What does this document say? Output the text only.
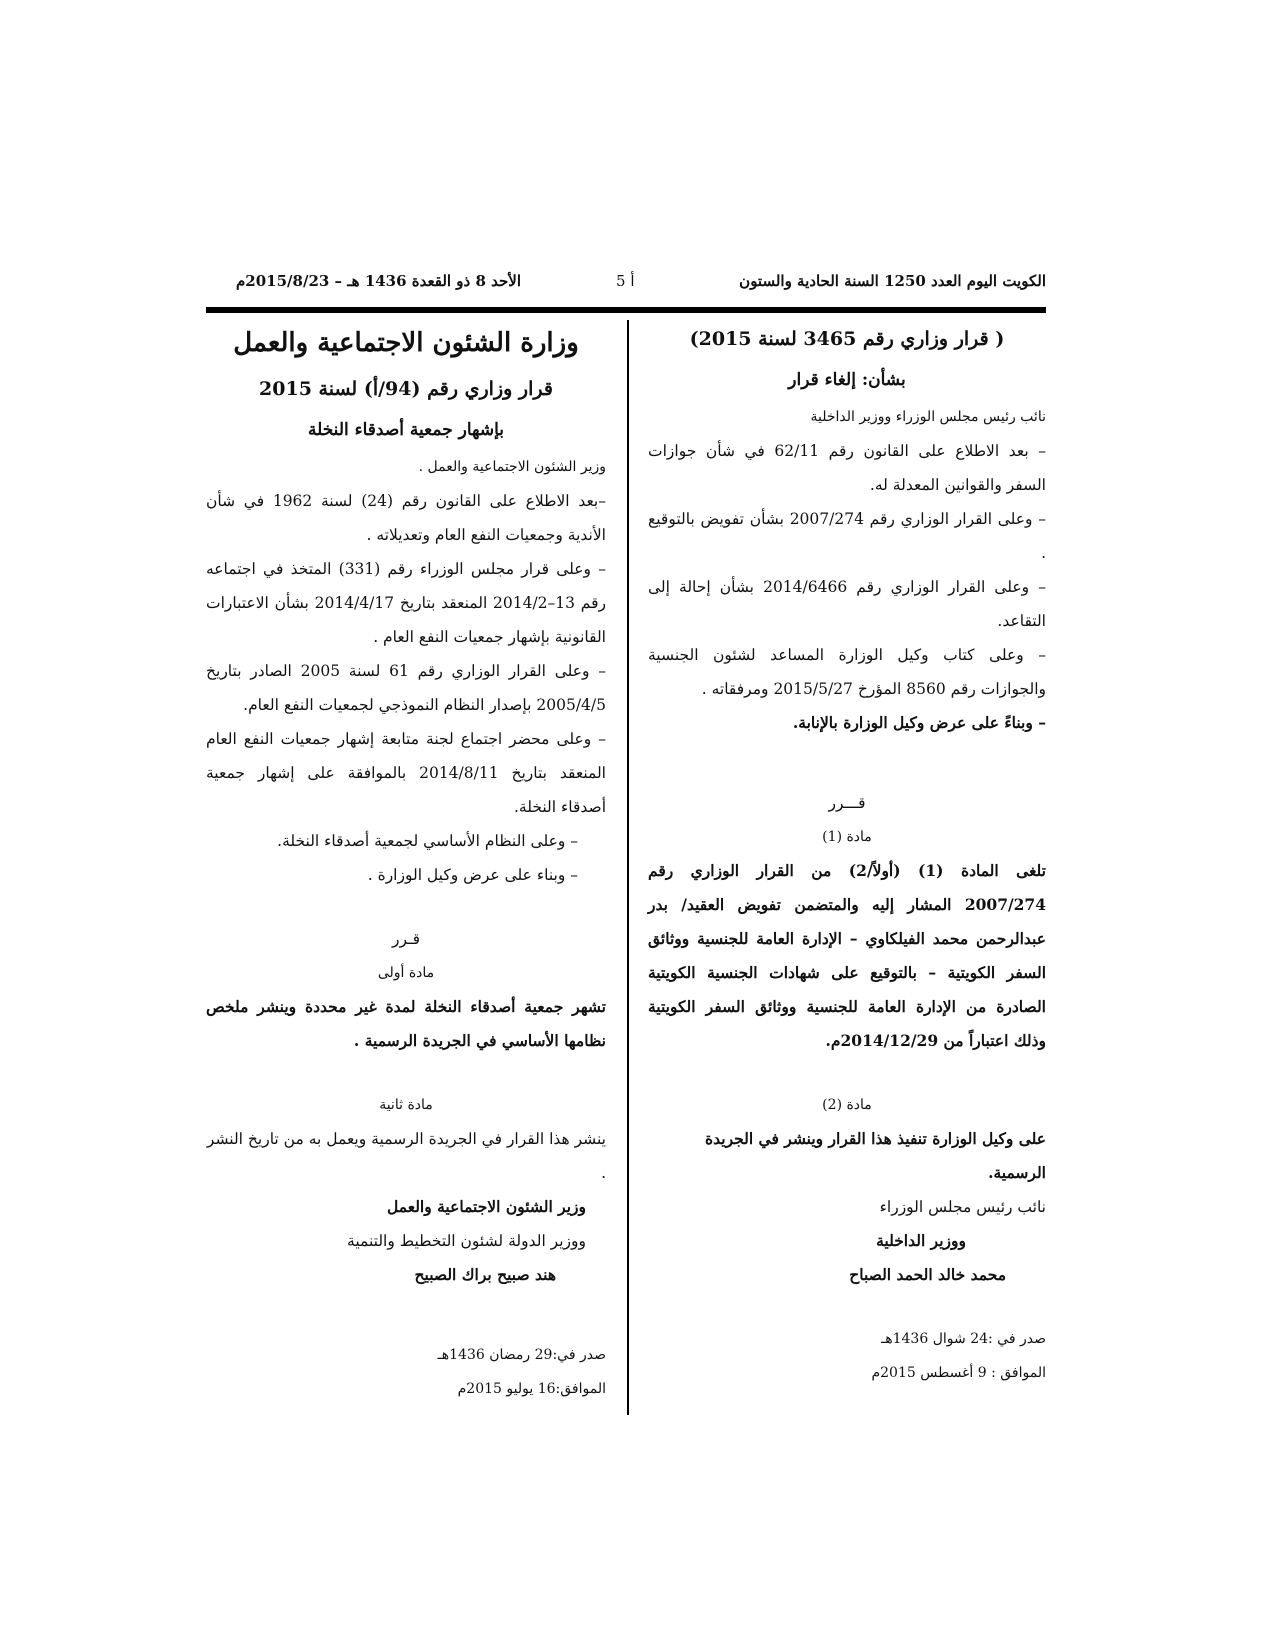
الكويت اليوم العدد 1250 السنة الحادية والستون
أ 5
الأحد 8 ذو القعدة 1436 هـ – 2015/8/23م

( قرار وزاري رقم 3465 لسنة 2015)

بشأن: إلغاء قرار

نائب رئيس مجلس الوزراء ووزير الداخلية

– بعد الاطلاع على القانون رقم 62/11 في شأن جوازات السفر والقوانين المعدلة له.

– وعلى القرار الوزاري رقم 2007/274 بشأن تفويض بالتوقيع .

– وعلى القرار الوزاري رقم 2014/6466 بشأن إحالة إلى التقاعد.

– وعلى كتاب وكيل الوزارة المساعد لشئون الجنسية والجوازات رقم 8560 المؤرخ 2015/5/27 ومرفقاته .

– وبناءً على عرض وكيل الوزارة بالإنابة.

قـــرر

مادة (1)

تلغى المادة (1) (أولاً/2) من القرار الوزاري رقم 2007/274 المشار إليه والمتضمن تفويض العقيد/ بدر عبدالرحمن محمد الفيلكاوي – الإدارة العامة للجنسية ووثائق السفر الكويتية – بالتوقيع على شهادات الجنسية الكويتية الصادرة من الإدارة العامة للجنسية ووثائق السفر الكويتية وذلك اعتباراً من 2014/12/29م.

مادة (2)

على وكيل الوزارة تنفيذ هذا القرار وينشر في الجريدة الرسمية.

نائب رئيس مجلس الوزراء

ووزير الداخلية

محمد خالد الحمد الصباح

صدر في :24 شوال 1436هـ

الموافق : 9 أغسطس 2015م

وزارة الشئون الاجتماعية والعمل

قرار وزاري رقم (94/أ) لسنة 2015

بإشهار جمعية أصدقاء النخلة

وزير الشئون الاجتماعية والعمل .

–بعد الاطلاع على القانون رقم (24) لسنة 1962 في شأن الأندية وجمعيات النفع العام وتعديلاته .

– وعلى قرار مجلس الوزراء رقم (331) المتخذ في اجتماعه رقم 13–2014/2 المنعقد بتاريخ 2014/4/17 بشأن الاعتبارات القانونية بإشهار جمعيات النفع العام .

– وعلى القرار الوزاري رقم 61 لسنة 2005 الصادر بتاريخ 2005/4/5 بإصدار النظام النموذجي لجمعيات النفع العام.

– وعلى محضر اجتماع لجنة متابعة إشهار جمعيات النفع العام المنعقد بتاريخ 2014/8/11 بالموافقة على إشهار جمعية أصدقاء النخلة.

– وعلى النظام الأساسي لجمعية أصدقاء النخلة.

– وبناء على عرض وكيل الوزارة .

قـرر

مادة أولى

تشهر جمعية أصدقاء النخلة لمدة غير محددة وينشر ملخص نظامها الأساسي في الجريدة الرسمية .

مادة ثانية

ينشر هذا القرار في الجريدة الرسمية ويعمل به من تاريخ النشر .

وزير الشئون الاجتماعية والعمل

ووزير الدولة لشئون التخطيط والتنمية

هند صبيح براك الصبيح

صدر في:29 رمضان 1436هـ

الموافق:16 يوليو 2015م
